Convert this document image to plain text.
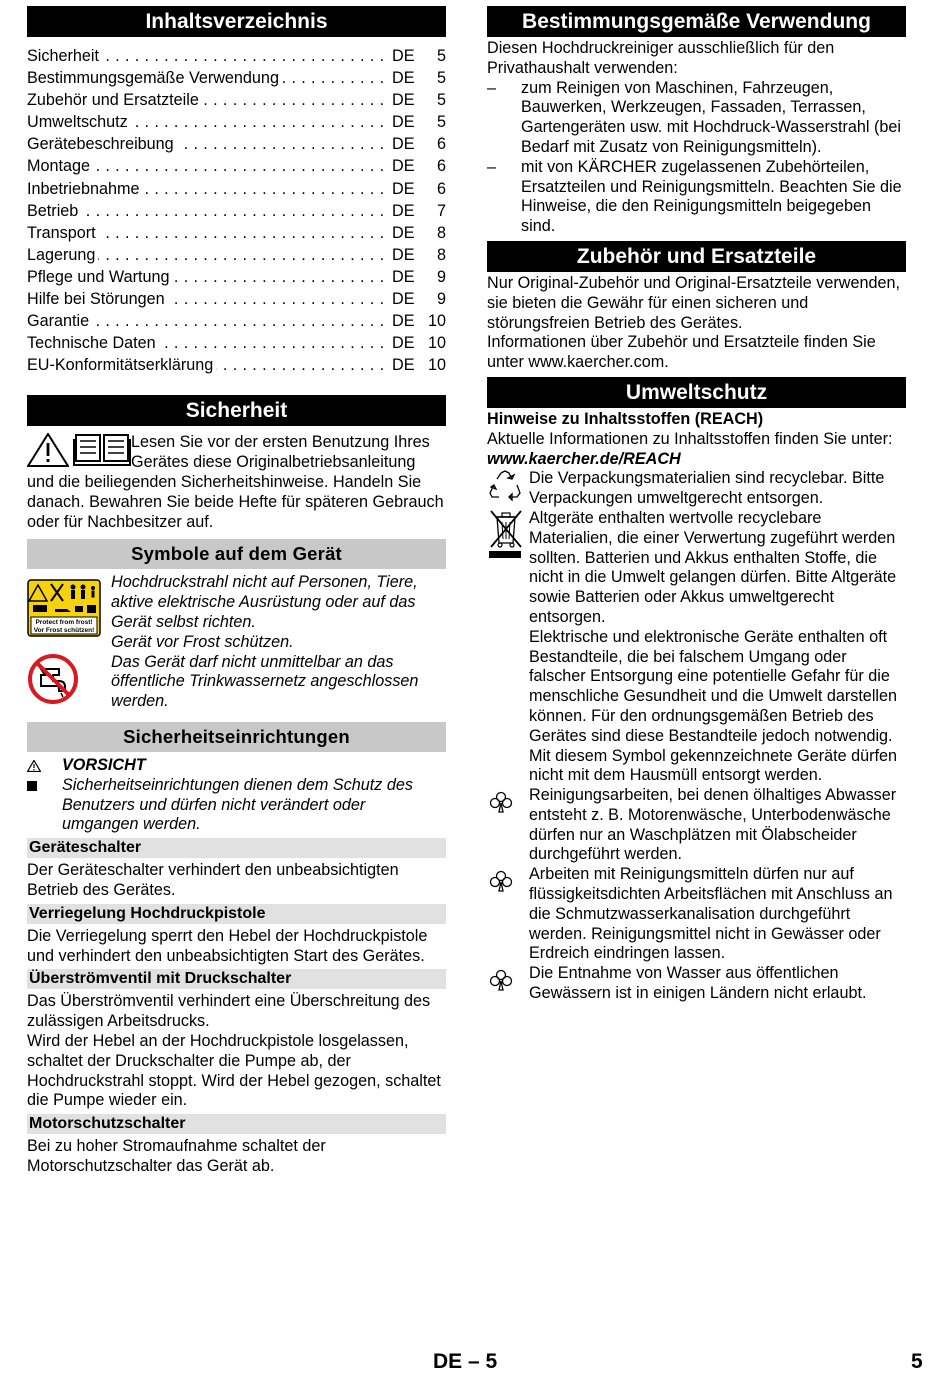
Inhaltsverzeichnis
Sicherheit . . .	DE	5
Bestimmungsgemäße Verwendung . . .	DE	5
Zubehör und Ersatzteile . . .	DE	5
Umweltschutz . . .	DE	5
Gerätebeschreibung . . .	DE	6
Montage . . .	DE	6
Inbetriebnahme . . .	DE	6
Betrieb . . .	DE	7
Transport . . .	DE	8
Lagerung . . .	DE	8
Pflege und Wartung . . .	DE	9
Hilfe bei Störungen . . .	DE	9
Garantie . . .	DE 10
Technische Daten . . .	DE 10
EU-Konformitätserklärung . . .	DE 10
Sicherheit

Lesen Sie vor der ersten Benutzung Ihres

Gerätes diese Originalbetriebsanleitung

und die beiliegenden Sicherheitshinweise. Handeln Sie danach. Bewahren Sie beide Hefte für späteren Gebrauch oder für Nachbesitzer auf.

Symbole auf dem Gerät
Protect from frost!
Vor Frost schützen!

Hochdruckstrahl nicht auf Personen, Tiere, aktive elektrische Ausrüstung oder auf das Gerät selbst richten.

Gerät vor Frost schützen.

Das Gerät darf nicht unmittelbar an das öffentliche Trinkwassernetz angeschlossen werden.

Sicherheitseinrichtungen

VORSICHT

Sicherheitseinrichtungen dienen dem Schutz des Benutzers und dürfen nicht verändert oder umgangen werden.

Geräteschalter

Der Geräteschalter verhindert den unbeabsichtigten Betrieb des Gerätes.

Verriegelung Hochdruckpistole

Die Verriegelung sperrt den Hebel der Hochdruckpistole und verhindert den unbeabsichtigten Start des Gerätes.

Überströmventil mit Druckschalter

Das Überströmventil verhindert eine Überschreitung des zulässigen Arbeitsdrucks.

Wird der Hebel an der Hochdruckpistole losgelassen, schaltet der Druckschalter die Pumpe ab, der Hochdruckstrahl stoppt. Wird der Hebel gezogen, schaltet die Pumpe wieder ein.

Motorschutzschalter

Bei zu hoher Stromaufnahme schaltet der Motorschutzschalter das Gerät ab.

Bestimmungsgemäße Verwendung

Diesen Hochdruckreiniger ausschließlich für den Privathaushalt verwenden:

–	zum Reinigen von Maschinen, Fahrzeugen, Bauwerken, Werkzeugen, Fassaden, Terrassen, Gartengeräten usw. mit Hochdruck-Wasserstrahl (bei Bedarf mit Zusatz von Reinigungsmitteln).

–	mit von KÄRCHER zugelassenen Zubehörteilen, Ersatzteilen und Reinigungsmitteln. Beachten Sie die Hinweise, die den Reinigungsmitteln beigegeben sind.

Zubehör und Ersatzteile

Nur Original-Zubehör und Original-Ersatzteile verwenden, sie bieten die Gewähr für einen sicheren und störungsfreien Betrieb des Gerätes.

Informationen über Zubehör und Ersatzteile finden Sie unter www.kaercher.com.

Umweltschutz

Hinweise zu Inhaltsstoffen (REACH)

Aktuelle Informationen zu Inhaltsstoffen finden Sie unter:

www.kaercher.de/REACH

Die Verpackungsmaterialien sind recyclebar. Bitte Verpackungen umweltgerecht entsorgen.

Altgeräte enthalten wertvolle recyclebare Materialien, die einer Verwertung zugeführt werden sollten. Batterien und Akkus enthalten Stoffe, die nicht in die Umwelt gelangen dürfen. Bitte Altgeräte sowie Batterien oder Akkus umweltgerecht entsorgen.

Elektrische und elektronische Geräte enthalten oft Bestandteile, die bei falschem Umgang oder falscher Entsorgung eine potentielle Gefahr für die menschliche Gesundheit und die Umwelt darstellen können. Für den ordnungsgemäßen Betrieb des Gerätes sind diese Bestandteile jedoch notwendig. Mit diesem Symbol gekennzeichnete Geräte dürfen nicht mit dem Hausmüll entsorgt werden.

Reinigungsarbeiten, bei denen ölhaltiges Abwasser entsteht z. B. Motorenwäsche, Unterbodenwäsche dürfen nur an Waschplätzen mit Ölabscheider durchgeführt werden.

Arbeiten mit Reinigungsmitteln dürfen nur auf flüssigkeitsdichten Arbeitsflächen mit Anschluss an die Schmutzwasserkanalisation durchgeführt werden. Reinigungsmittel nicht in Gewässer oder Erdreich eindringen lassen.

Die Entnahme von Wasser aus öffentlichen Gewässern ist in einigen Ländern nicht erlaubt.

DE – 5	5
